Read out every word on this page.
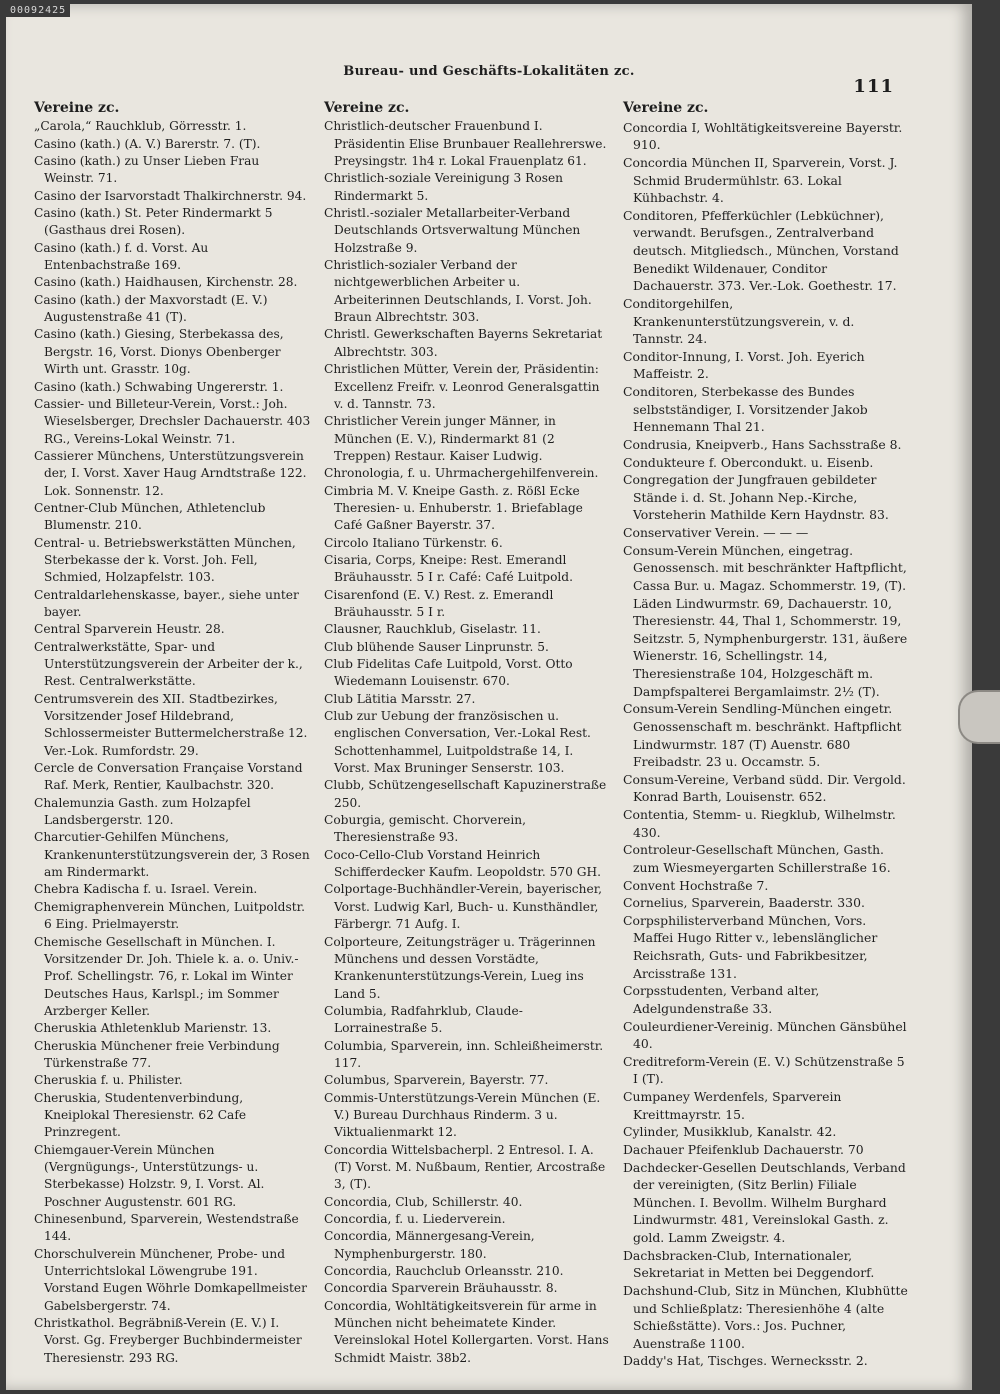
00092425
Bureau- und Geschäfts-Lokalitäten zc.
111
Vereine zc.

„Carola,“ Rauchklub, Görresstr. 1.

Casino (kath.) (A. V.) Barerstr. 7. (T).

Casino (kath.) zu Unser Lieben Frau Weinstr. 71.

Casino der Isarvorstadt Thalkirchnerstr. 94.

Casino (kath.) St. Peter Rindermarkt 5 (Gasthaus drei Rosen).

Casino (kath.) f. d. Vorst. Au Entenbachstraße 169.

Casino (kath.) Haidhausen, Kirchenstr. 28.

Casino (kath.) der Maxvorstadt (E. V.) Augustenstraße 41 (T).

Casino (kath.) Giesing, Sterbekassa des, Bergstr. 16, Vorst. Dionys Obenberger Wirth unt. Grasstr. 10g.

Casino (kath.) Schwabing Ungererstr. 1.

Cassier- und Billeteur-Verein, Vorst.: Joh. Wieselsberger, Drechsler Dachauerstr. 403 RG., Vereins-Lokal Weinstr. 71.

Cassierer Münchens, Unterstützungsverein der, I. Vorst. Xaver Haug Arndtstraße 122. Lok. Sonnenstr. 12.

Centner-Club München, Athletenclub Blumenstr. 210.

Central- u. Betriebswerkstätten München, Sterbekasse der k. Vorst. Joh. Fell, Schmied, Holzapfelstr. 103.

Centraldarlehenskasse, bayer., siehe unter bayer.

Central Sparverein Heustr. 28.

Centralwerkstätte, Spar- und Unterstützungsverein der Arbeiter der k., Rest. Centralwerkstätte.

Centrumsverein des XII. Stadtbezirkes, Vorsitzender Josef Hildebrand, Schlossermeister Buttermelcherstraße 12. Ver.-Lok. Rumfordstr. 29.

Cercle de Conversation Française Vorstand Raf. Merk, Rentier, Kaulbachstr. 320.

Chalemunzia Gasth. zum Holzapfel Landsbergerstr. 120.

Charcutier-Gehilfen Münchens, Krankenunterstützungsverein der, 3 Rosen am Rindermarkt.

Chebra Kadischa f. u. Israel. Verein.

Chemigraphenverein München, Luitpoldstr. 6 Eing. Prielmayerstr.

Chemische Gesellschaft in München. I. Vorsitzender Dr. Joh. Thiele k. a. o. Univ.-Prof. Schellingstr. 76, r. Lokal im Winter Deutsches Haus, Karlspl.; im Sommer Arzberger Keller.

Cheruskia Athletenklub Marienstr. 13.

Cheruskia Münchener freie Verbindung Türkenstraße 77.

Cheruskia f. u. Philister.

Cheruskia, Studentenverbindung, Kneiplokal Theresienstr. 62 Cafe Prinzregent.

Chiemgauer-Verein München (Vergnügungs-, Unterstützungs- u. Sterbekasse) Holzstr. 9, I. Vorst. Al. Poschner Augustenstr. 601 RG.

Chinesenbund, Sparverein, Westendstraße 144.

Chorschulverein Münchener, Probe- und Unterrichtslokal Löwengrube 191. Vorstand Eugen Wöhrle Domkapellmeister Gabelsbergerstr. 74.

Christkathol. Begräbniß-Verein (E. V.) I. Vorst. Gg. Freyberger Buchbindermeister Theresienstr. 293 RG.

Vereine zc.

Christlich-deutscher Frauenbund I. Präsidentin Elise Brunbauer Reallehrerswe. Preysingstr. 1h4 r. Lokal Frauenplatz 61.

Christlich-soziale Vereinigung 3 Rosen Rindermarkt 5.

Christl.-sozialer Metallarbeiter-Verband Deutschlands Ortsverwaltung München Holzstraße 9.

Christlich-sozialer Verband der nichtgewerblichen Arbeiter u. Arbeiterinnen Deutschlands, I. Vorst. Joh. Braun Albrechtstr. 303.

Christl. Gewerkschaften Bayerns Sekretariat Albrechtstr. 303.

Christlichen Mütter, Verein der, Präsidentin: Excellenz Freifr. v. Leonrod Generalsgattin v. d. Tannstr. 73.

Christlicher Verein junger Männer, in München (E. V.), Rindermarkt 81 (2 Treppen) Restaur. Kaiser Ludwig.

Chronologia, f. u. Uhrmachergehilfenverein.

Cimbria M. V. Kneipe Gasth. z. Rößl Ecke Theresien- u. Enhuberstr. 1. Briefablage Café Gaßner Bayerstr. 37.

Circolo Italiano Türkenstr. 6.

Cisaria, Corps, Kneipe: Rest. Emerandl Bräuhausstr. 5 I r. Café: Café Luitpold.

Cisarenfond (E. V.) Rest. z. Emerandl Bräuhausstr. 5 I r.

Clausner, Rauchklub, Giselastr. 11.

Club blühende Sauser Linprunstr. 5.

Club Fidelitas Cafe Luitpold, Vorst. Otto Wiedemann Louisenstr. 670.

Club Lätitia Marsstr. 27.

Club zur Uebung der französischen u. englischen Conversation, Ver.-Lokal Rest. Schottenhammel, Luitpoldstraße 14, I. Vorst. Max Bruninger Senserstr. 103.

Clubb, Schützengesellschaft Kapuzinerstraße 250.

Coburgia, gemischt. Chorverein, Theresienstraße 93.

Coco-Cello-Club Vorstand Heinrich Schifferdecker Kaufm. Leopoldstr. 570 GH.

Colportage-Buchhändler-Verein, bayerischer, Vorst. Ludwig Karl, Buch- u. Kunsthändler, Färbergr. 71 Aufg. I.

Colporteure, Zeitungsträger u. Trägerinnen Münchens und dessen Vorstädte, Krankenunterstützungs-Verein, Lueg ins Land 5.

Columbia, Radfahrklub, Claude-Lorrainestraße 5.

Columbia, Sparverein, inn. Schleißheimerstr. 117.

Columbus, Sparverein, Bayerstr. 77.

Commis-Unterstützungs-Verein München (E. V.) Bureau Durchhaus Rinderm. 3 u. Viktualienmarkt 12.

Concordia Wittelsbacherpl. 2 Entresol. I. A. (T) Vorst. M. Nußbaum, Rentier, Arcostraße 3, (T).

Concordia, Club, Schillerstr. 40.

Concordia, f. u. Liederverein.

Concordia, Männergesang-Verein, Nymphenburgerstr. 180.

Concordia, Rauchclub Orleansstr. 210.

Concordia Sparverein Bräuhausstr. 8.

Concordia, Wohltätigkeitsverein für arme in München nicht beheimatete Kinder. Vereinslokal Hotel Kollergarten. Vorst. Hans Schmidt Maistr. 38b2.

Vereine zc.

Concordia I, Wohltätigkeitsvereine Bayerstr. 910.

Concordia München II, Sparverein, Vorst. J. Schmid Brudermühlstr. 63. Lokal Kühbachstr. 4.

Conditoren, Pfefferküchler (Lebküchner), verwandt. Berufsgen., Zentralverband deutsch. Mitgliedsch., München, Vorstand Benedikt Wildenauer, Conditor Dachauerstr. 373. Ver.-Lok. Goethestr. 17.

Conditorgehilfen, Krankenunterstützungsverein, v. d. Tannstr. 24.

Conditor-Innung, I. Vorst. Joh. Eyerich Maffeistr. 2.

Conditoren, Sterbekasse des Bundes selbstständiger, I. Vorsitzender Jakob Hennemann Thal 21.

Condrusia, Kneipverb., Hans Sachsstraße 8.

Condukteure f. Obercondukt. u. Eisenb.

Congregation der Jungfrauen gebildeter Stände i. d. St. Johann Nep.-Kirche, Vorsteherin Mathilde Kern Haydnstr. 83.

Conservativer Verein. — — —

Consum-Verein München, eingetrag. Genossensch. mit beschränkter Haftpflicht, Cassa Bur. u. Magaz. Schommerstr. 19, (T). Läden Lindwurmstr. 69, Dachauerstr. 10, Theresienstr. 44, Thal 1, Schommerstr. 19, Seitzstr. 5, Nymphenburgerstr. 131, äußere Wienerstr. 16, Schellingstr. 14, Theresienstraße 104, Holzgeschäft m. Dampfspalterei Bergamlaimstr. 2½ (T).

Consum-Verein Sendling-München eingetr. Genossenschaft m. beschränkt. Haftpflicht Lindwurmstr. 187 (T) Auenstr. 680 Freibadstr. 23 u. Occamstr. 5.

Consum-Vereine, Verband südd. Dir. Vergold. Konrad Barth, Louisenstr. 652.

Contentia, Stemm- u. Riegklub, Wilhelmstr. 430.

Controleur-Gesellschaft München, Gasth. zum Wiesmeyergarten Schillerstraße 16.

Convent Hochstraße 7.

Cornelius, Sparverein, Baaderstr. 330.

Corpsphilisterverband München, Vors. Maffei Hugo Ritter v., lebenslänglicher Reichsrath, Guts- und Fabrikbesitzer, Arcisstraße 131.

Corpsstudenten, Verband alter, Adelgundenstraße 33.

Couleurdiener-Vereinig. München Gänsbühel 40.

Creditreform-Verein (E. V.) Schützenstraße 5 I (T).

Cumpaney Werdenfels, Sparverein Kreittmayrstr. 15.

Cylinder, Musikklub, Kanalstr. 42.

Dachauer Pfeifenklub Dachauerstr. 70

Dachdecker-Gesellen Deutschlands, Verband der vereinigten, (Sitz Berlin) Filiale München. I. Bevollm. Wilhelm Burghard Lindwurmstr. 481, Vereinslokal Gasth. z. gold. Lamm Zweigstr. 4.

Dachsbracken-Club, Internationaler, Sekretariat in Metten bei Deggendorf.

Dachshund-Club, Sitz in München, Klubhütte und Schließplatz: Theresienhöhe 4 (alte Schießstätte). Vors.: Jos. Puchner, Auenstraße 1100.

Daddy's Hat, Tischges. Wernecksstr. 2.
